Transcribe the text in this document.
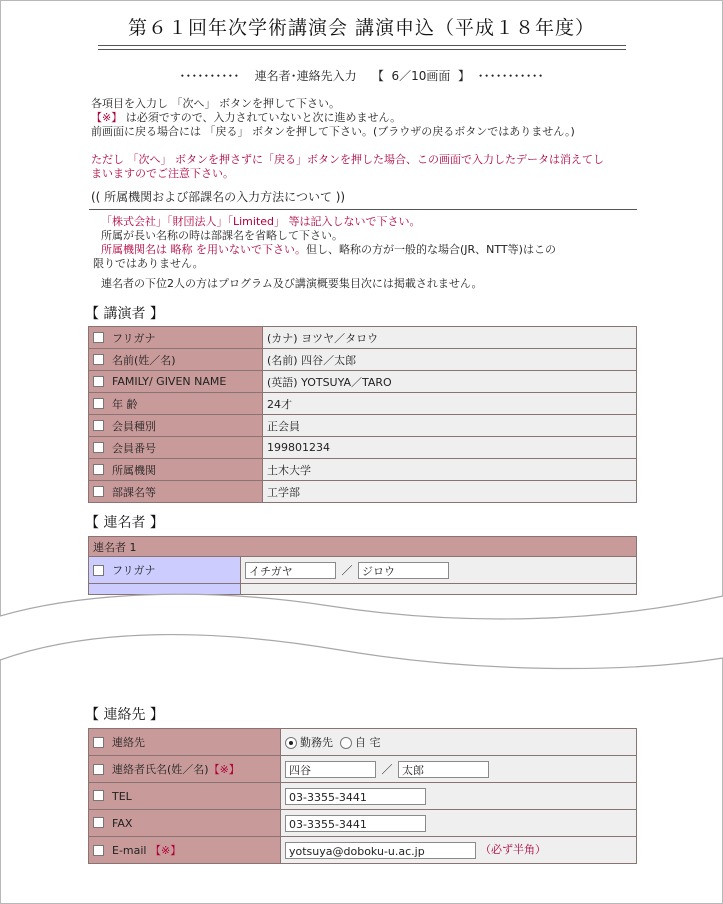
第６１回年次学術講演会 講演申込（平成１８年度）
･･････････    連名者･連絡先入力    【  6／10画面  】  ･･･････････
各項目を入力し 「次へ」 ボタンを押して下さい。
【※】 は必須ですので、入力されていないと次に進めません。
前画面に戻る場合には 「戻る」 ボタンを押して下さい。(ブラウザの戻るボタンではありません。)
ただし 「次へ」 ボタンを押さずに「戻る」ボタンを押した場合、この画面で入力したデータは消えてし
まいますのでご注意下さい。
(( 所属機関および部課名の入力方法について ))
「株式会社」「財団法人」「Limited」 等は記入しないで下さい。
所属が長い名称の時は部課名を省略して下さい。
所属機関名は 略称 を用いないで下さい。但し、略称の方が一般的な場合(JR、NTT等)はこの
限りではありません。
連名者の下位2人の方はプログラム及び講演概要集目次には掲載されません。
【 講演者 】
フリガナ	(カナ) ヨツヤ／タロウ
名前(姓／名)	(名前) 四谷／太郎
FAMILY/ GIVEN NAME	(英語) YOTSUYA／TARO
年 齢	24才
会員種別	正会員
会員番号	199801234
所属機関	土木大学
部課名等	工学部
【 連名者 】
連名者 1	
フリガナ	イチガヤ ／ ジロウ

【 連絡先 】
連絡先	勤務先 自 宅
連絡者氏名(姓／名)【※】	四谷 ／ 太郎
TEL	03-3355-3441
FAX	03-3355-3441
E-mail 【※】	yotsuya@doboku-u.ac.jp （必ず半角）
